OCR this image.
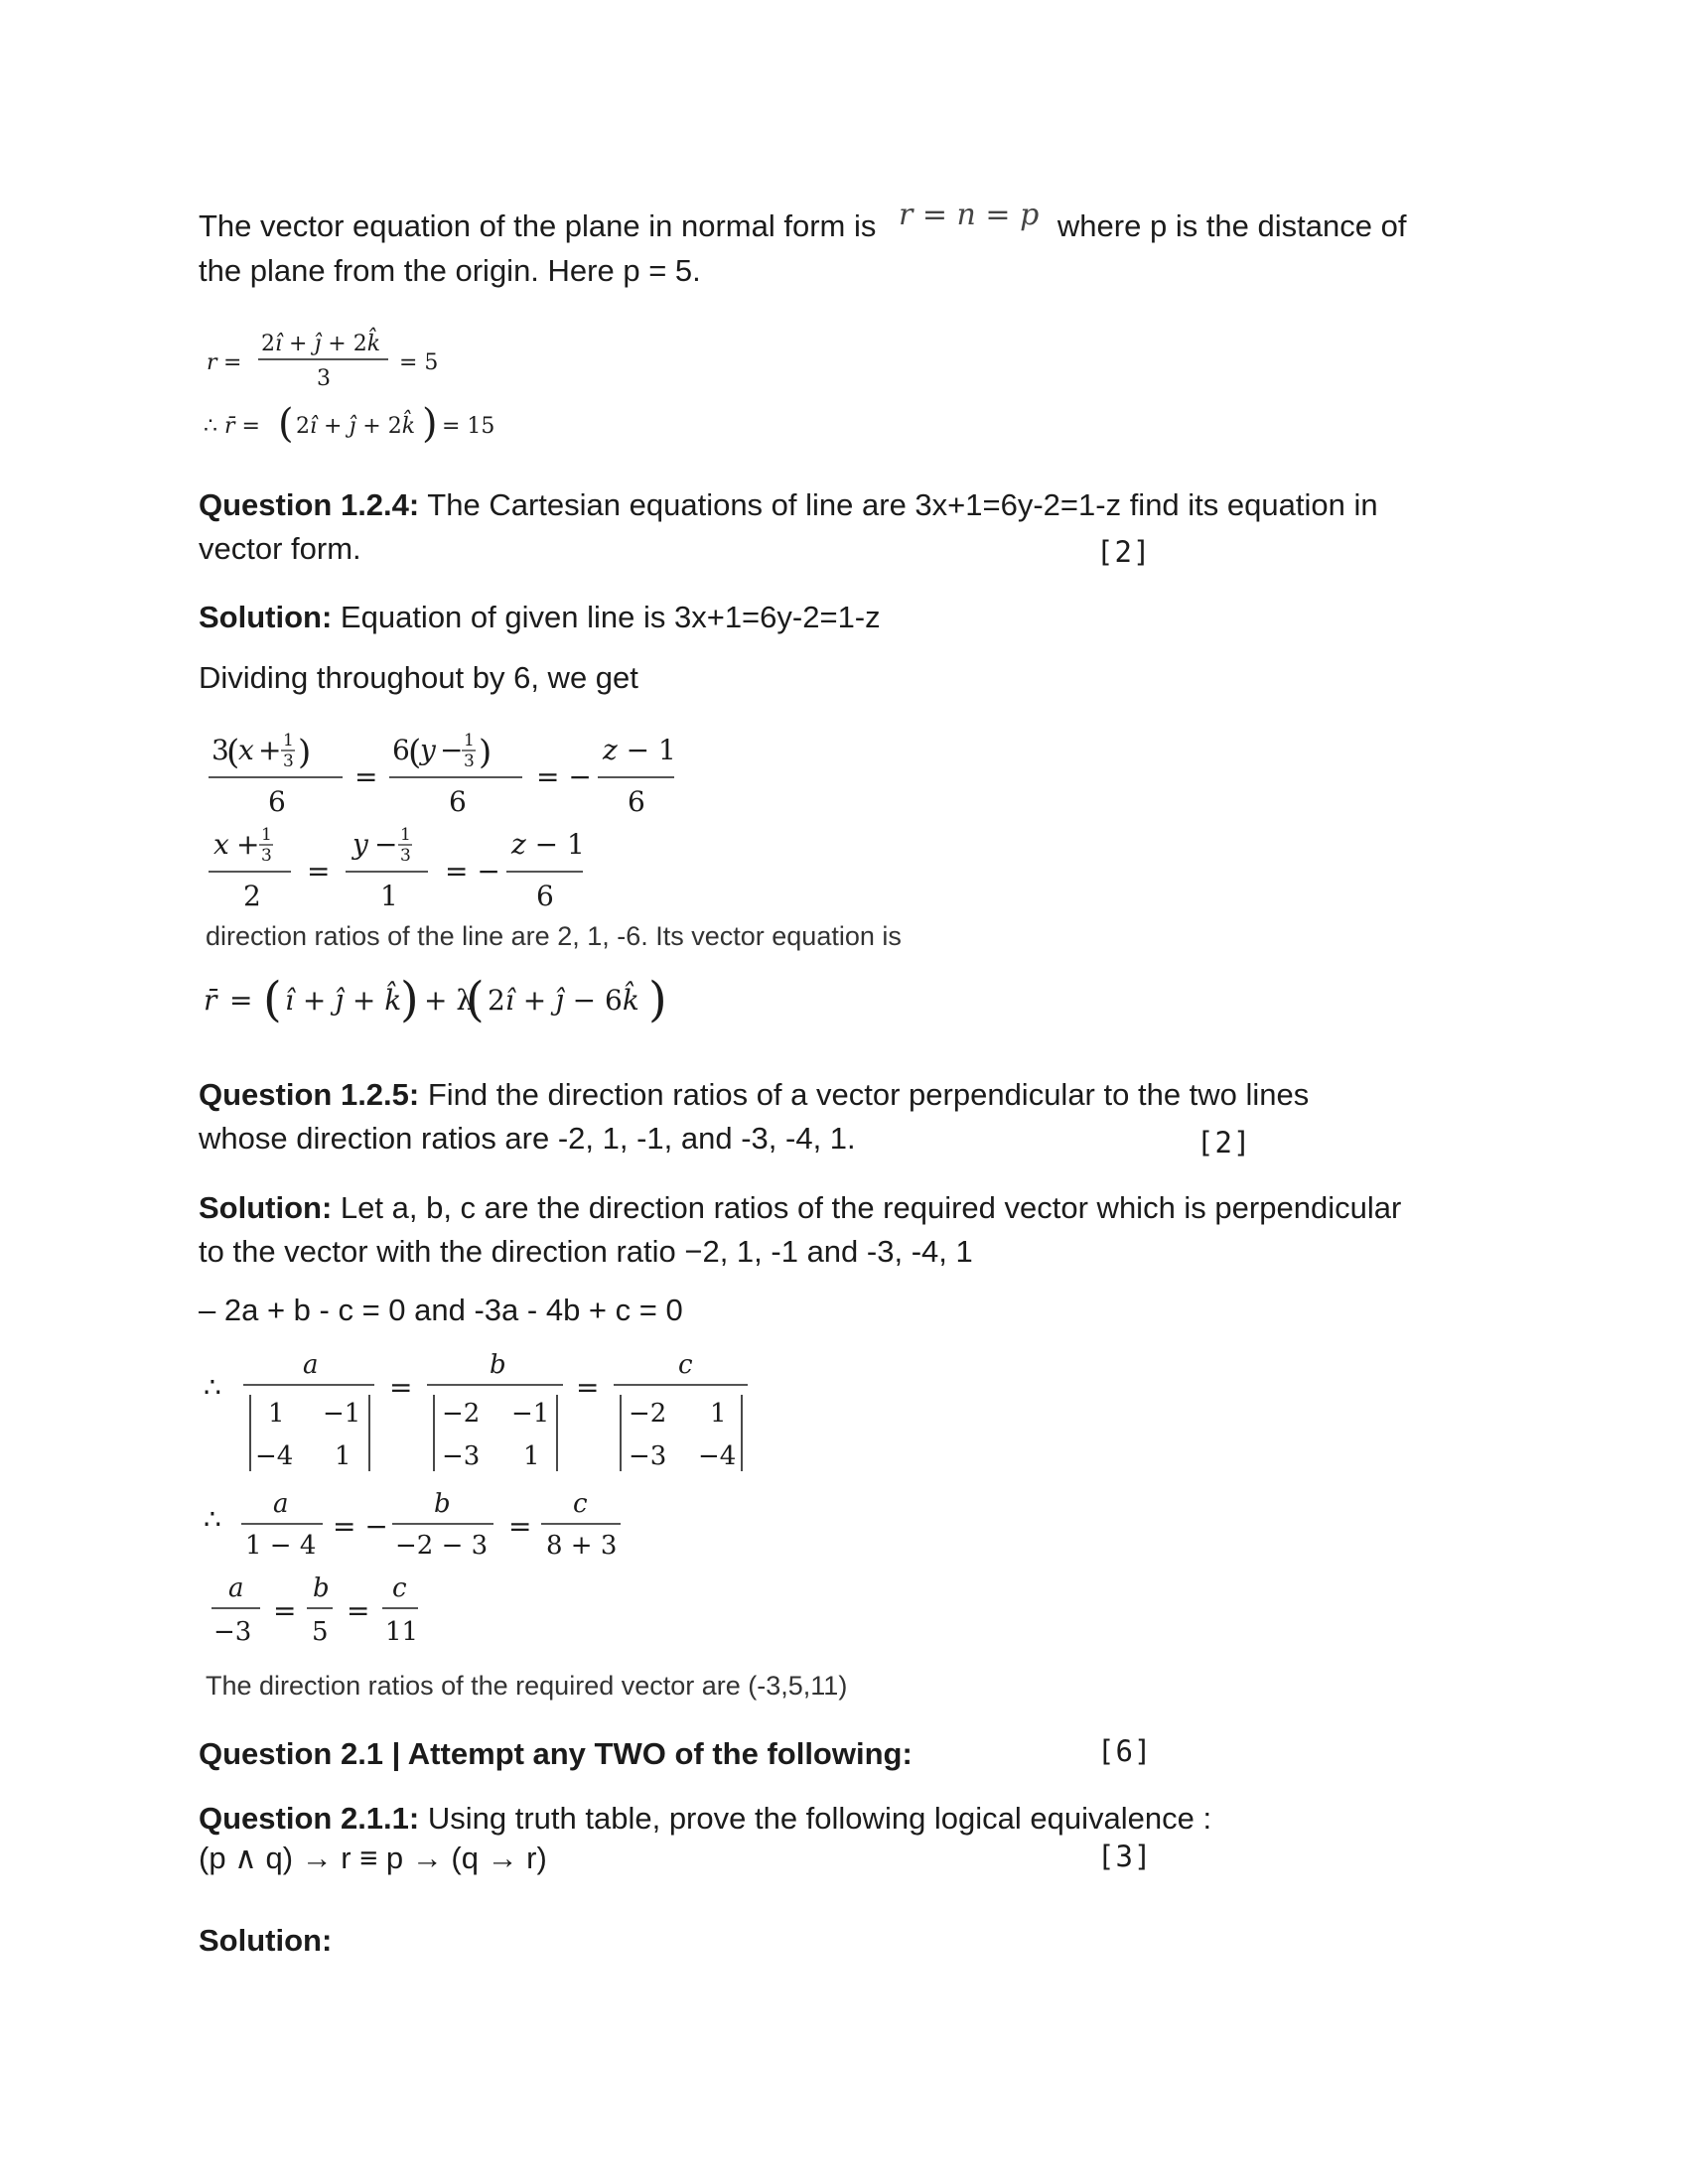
The vector equation of the plane in normal form is r = n = p where p is the distance of
the plane from the origin. Here p = 5.
r =
2î + ĵ + 2k̂
3
= 5
∴ r̄ = ( 2î + ĵ + 2k̂ ) = 15
Question 1.2.4: The Cartesian equations of line are 3x+1=6y-2=1-z find its equation in
vector form.	[2]
Solution: Equation of given line is 3x+1=6y-2=1-z
Dividing throughout by 6, we get
3
(
x + 1
3 )
6
=
6
(
y − 1
3 )
6
= −
z − 1
6
x + 1
3
2
=
y − 1
3
1
= −
z − 1
6
direction ratios of the line are 2, 1, -6. Its vector equation is
r̄ = ( î + ĵ + k̂
) + λ
( 2î + ĵ − 6k̂ )
Question 1.2.5: Find the direction ratios of a vector perpendicular to the two lines
whose direction ratios are -2, 1, -1, and -3, -4, 1.	[2]
Solution: Let a, b, c are the direction ratios of the required vector which is perpendicular
to the vector with the direction ratio −2, 1, -1 and -3, -4, 1
– 2a + b - c = 0 and -3a - 4b + c = 0
∴
a
1 −1
−4 1
=
b
−2 −1
−3 1
=
c
−2 1
−3 −4
∴ a
1 − 4
= −
b
−2 − 3
=
c
8 + 3
a
−3
=
b
5
=
c
11
The direction ratios of the required vector are (-3,5,11)
Question 2.1 | Attempt any TWO of the following:	[6]
Question 2.1.1: Using truth table, prove the following logical equivalence :
(p ∧ q) → r ≡ p → (q → r)	[3]
Solution:
